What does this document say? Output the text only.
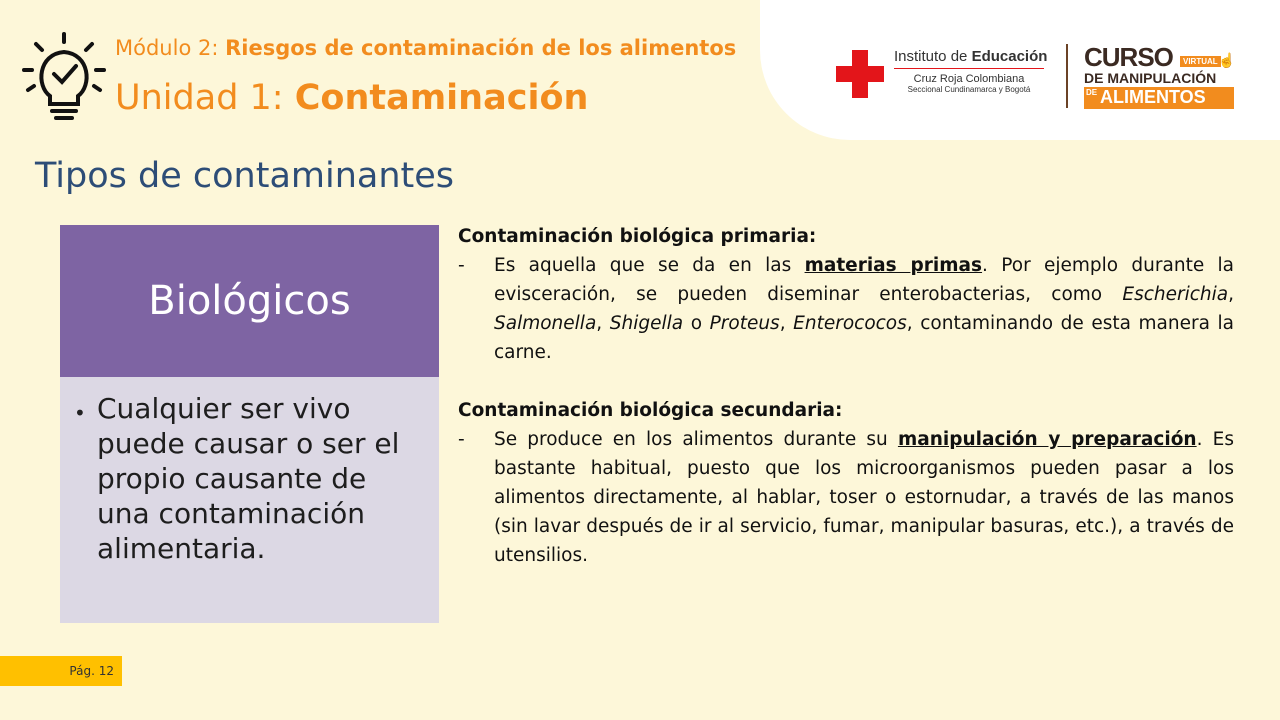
Módulo 2: Riesgos de contaminación de los alimentos
Unidad 1: Contaminación
Instituto de Educación
Cruz Roja Colombiana
Seccional Cundinamarca y Bogotá
CURSO	VIRTUAL ☝
DE MANIPULACIÓN
DE ALIMENTOS
Tipos de contaminantes
Biológicos
• Cualquier ser vivo puede causar o ser el propio causante de una contaminación alimentaria.
Contaminación biológica primaria:
- Es aquella que se da en las materias primas. Por ejemplo durante la evisceración, se pueden diseminar enterobacterias, como Escherichia, Salmonella, Shigella o Proteus, Enterococos, contaminando de esta manera la carne.
Contaminación biológica secundaria:
- Se produce en los alimentos durante su manipulación y preparación. Es bastante habitual, puesto que los microorganismos pueden pasar a los alimentos directamente, al hablar, toser o estornudar, a través de las manos (sin lavar después de ir al servicio, fumar, manipular basuras, etc.), a través de utensilios.
Pág. 12
